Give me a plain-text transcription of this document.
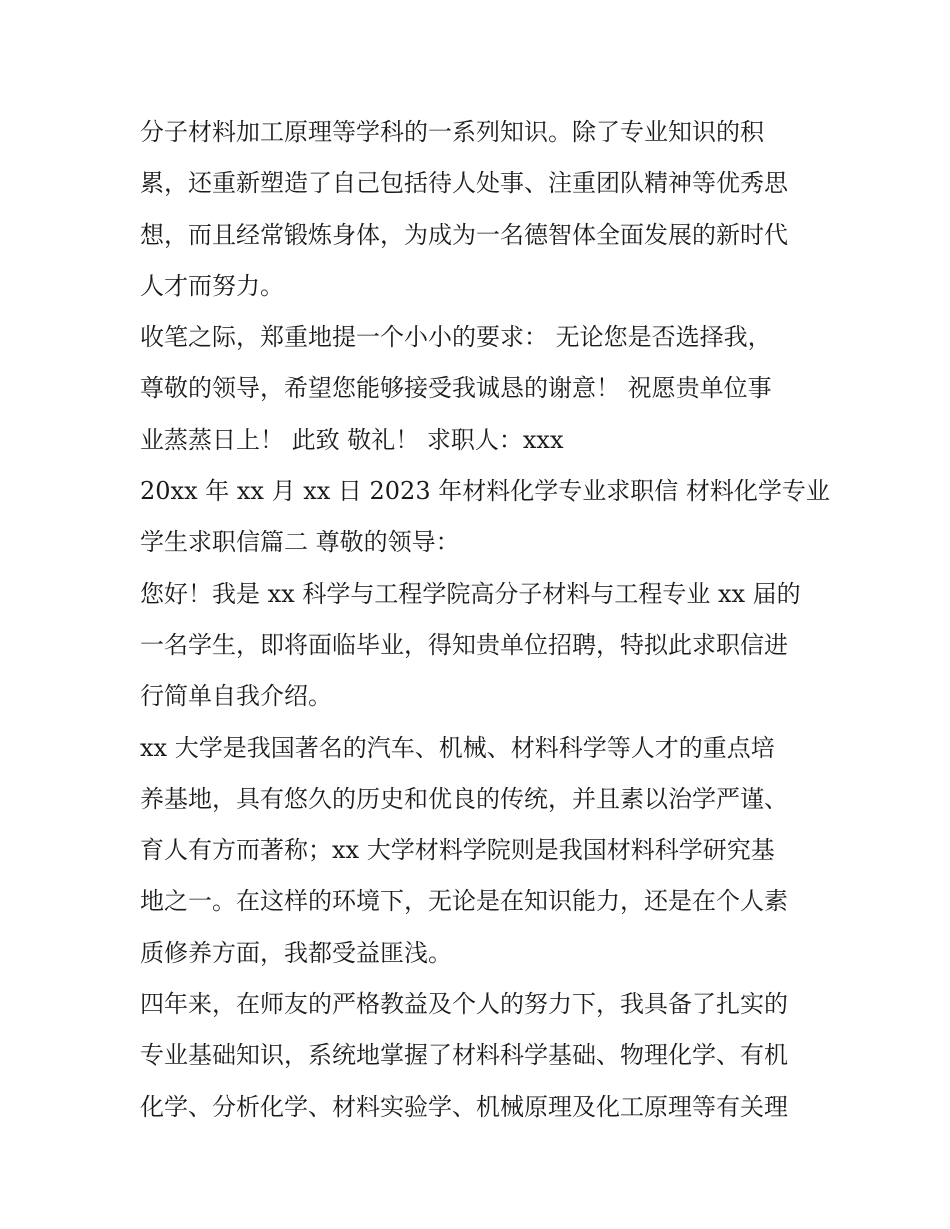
分子材料加工原理等学科的一系列知识。除了专业知识的积
累，还重新塑造了自己包括待人处事、注重团队精神等优秀思
想，而且经常锻炼身体，为成为一名德智体全面发展的新时代
人才而努力。
收笔之际，郑重地提一个小小的要求： 无论您是否选择我，
尊敬的领导，希望您能够接受我诚恳的谢意！ 祝愿贵单位事
业蒸蒸日上！ 此致 敬礼！ 求职人：xxx
20xx 年 xx 月 xx 日 2023 年材料化学专业求职信 材料化学专业
学生求职信篇二 尊敬的领导：
您好！我是 xx 科学与工程学院高分子材料与工程专业 xx 届的
一名学生，即将面临毕业，得知贵单位招聘，特拟此求职信进
行简单自我介绍。
xx 大学是我国著名的汽车、机械、材料科学等人才的重点培
养基地，具有悠久的历史和优良的传统，并且素以治学严谨、
育人有方而著称；xx 大学材料学院则是我国材料科学研究基
地之一。在这样的环境下，无论是在知识能力，还是在个人素
质修养方面，我都受益匪浅。
四年来，在师友的严格教益及个人的努力下，我具备了扎实的
专业基础知识，系统地掌握了材料科学基础、物理化学、有机
化学、分析化学、材料实验学、机械原理及化工原理等有关理
